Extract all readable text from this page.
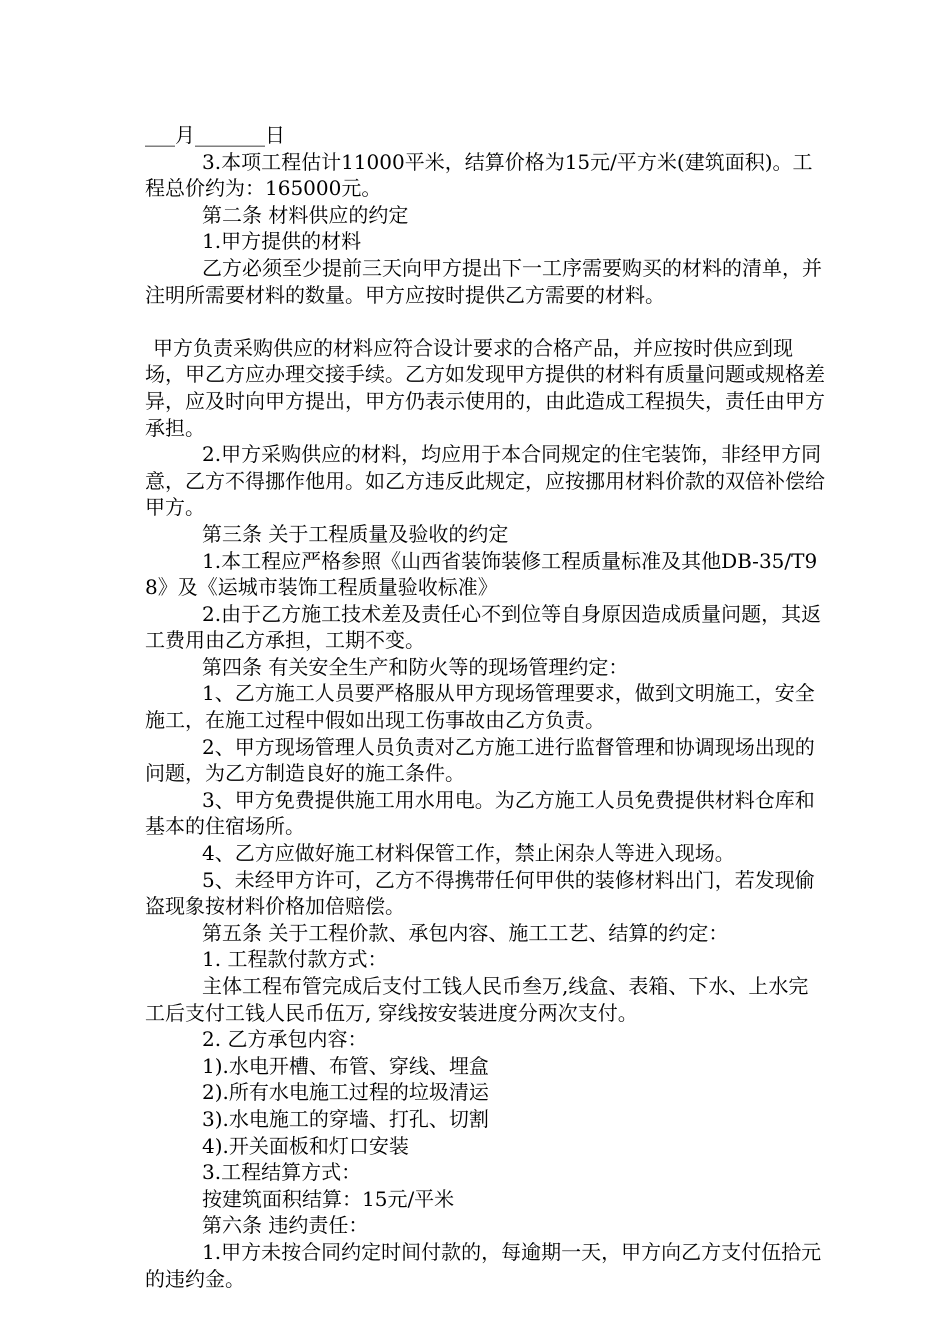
___月_______日

3.本项工程估计11000平米，结算价格为15元/平方米(建筑面积)。工程总价约为：165000元。

第二条 材料供应的约定

1.甲方提供的材料

乙方必须至少提前三天向甲方提出下一工序需要购买的材料的清单，并注明所需要材料的数量。甲方应按时提供乙方需要的材料。

甲方负责采购供应的材料应符合设计要求的合格产品，并应按时供应到现场，甲乙方应办理交接手续。乙方如发现甲方提供的材料有质量问题或规格差异，应及时向甲方提出，甲方仍表示使用的，由此造成工程损失，责任由甲方承担。

2.甲方采购供应的材料，均应用于本合同规定的住宅装饰，非经甲方同意，乙方不得挪作他用。如乙方违反此规定，应按挪用材料价款的双倍补偿给甲方。

第三条 关于工程质量及验收的约定

1.本工程应严格参照《山西省装饰装修工程质量标准及其他DB-35/T98》及《运城市装饰工程质量验收标准》

2.由于乙方施工技术差及责任心不到位等自身原因造成质量问题，其返工费用由乙方承担，工期不变。

第四条 有关安全生产和防火等的现场管理约定：

1、乙方施工人员要严格服从甲方现场管理要求，做到文明施工，安全施工，在施工过程中假如出现工伤事故由乙方负责。

2、甲方现场管理人员负责对乙方施工进行监督管理和协调现场出现的问题，为乙方制造良好的施工条件。

3、甲方免费提供施工用水用电。为乙方施工人员免费提供材料仓库和基本的住宿场所。

4、乙方应做好施工材料保管工作，禁止闲杂人等进入现场。

5、未经甲方许可，乙方不得携带任何甲供的装修材料出门，若发现偷盗现象按材料价格加倍赔偿。

第五条 关于工程价款、承包内容、施工工艺、结算的约定：

1. 工程款付款方式：

主体工程布管完成后支付工钱人民币叁万,线盒、表箱、下水、上水完工后支付工钱人民币伍万, 穿线按安装进度分两次支付。

2. 乙方承包内容：

1).水电开槽、布管、穿线、埋盒

2).所有水电施工过程的垃圾清运

3).水电施工的穿墙、打孔、切割

4).开关面板和灯口安装

3.工程结算方式：

按建筑面积结算：15元/平米

第六条 违约责任：

1.甲方未按合同约定时间付款的，每逾期一天，甲方向乙方支付伍拾元的违约金。
